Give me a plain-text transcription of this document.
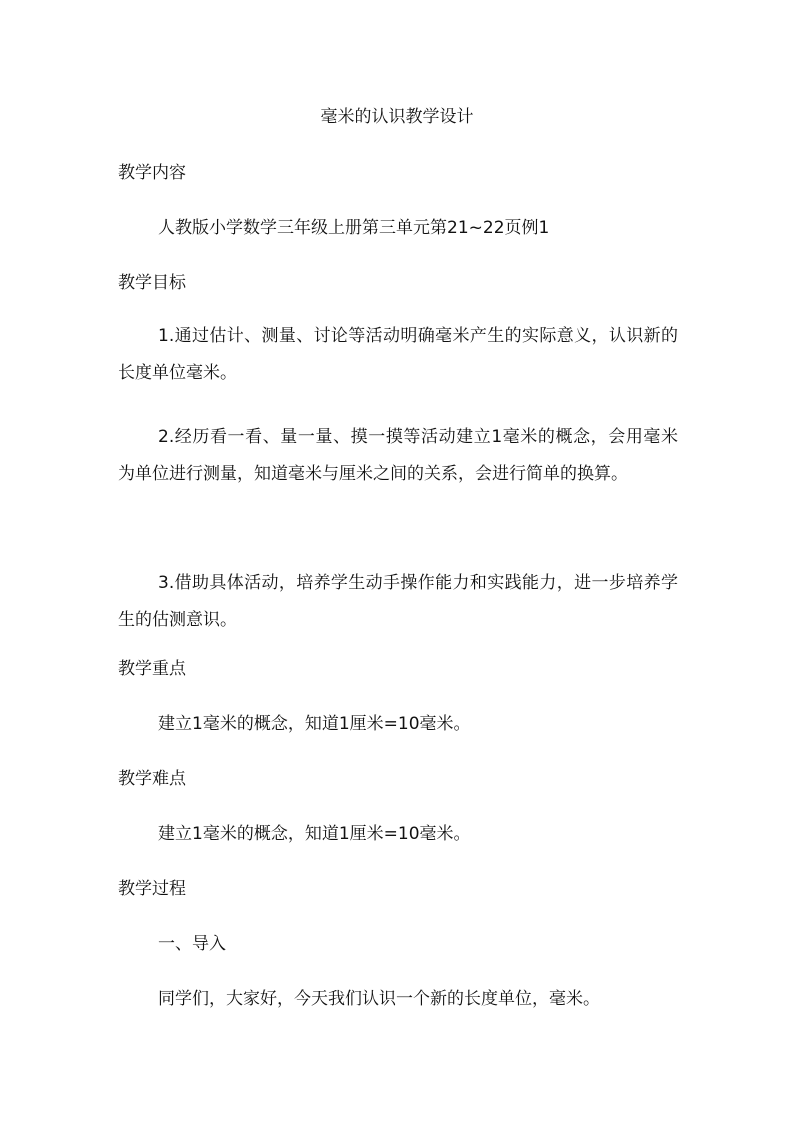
毫米的认识教学设计
教学内容
人教版小学数学三年级上册第三单元第21~22页例1
教学目标
1.通过估计、测量、讨论等活动明确毫米产生的实际意义，认识新的长度单位毫米。
2.经历看一看、量一量、摸一摸等活动建立1毫米的概念，会用毫米为单位进行测量，知道毫米与厘米之间的关系，会进行简单的换算。
3.借助具体活动，培养学生动手操作能力和实践能力，进一步培养学生的估测意识。
教学重点
建立1毫米的概念，知道1厘米=10毫米。
教学难点
建立1毫米的概念，知道1厘米=10毫米。
教学过程
一、导入
同学们，大家好，今天我们认识一个新的长度单位，毫米。
